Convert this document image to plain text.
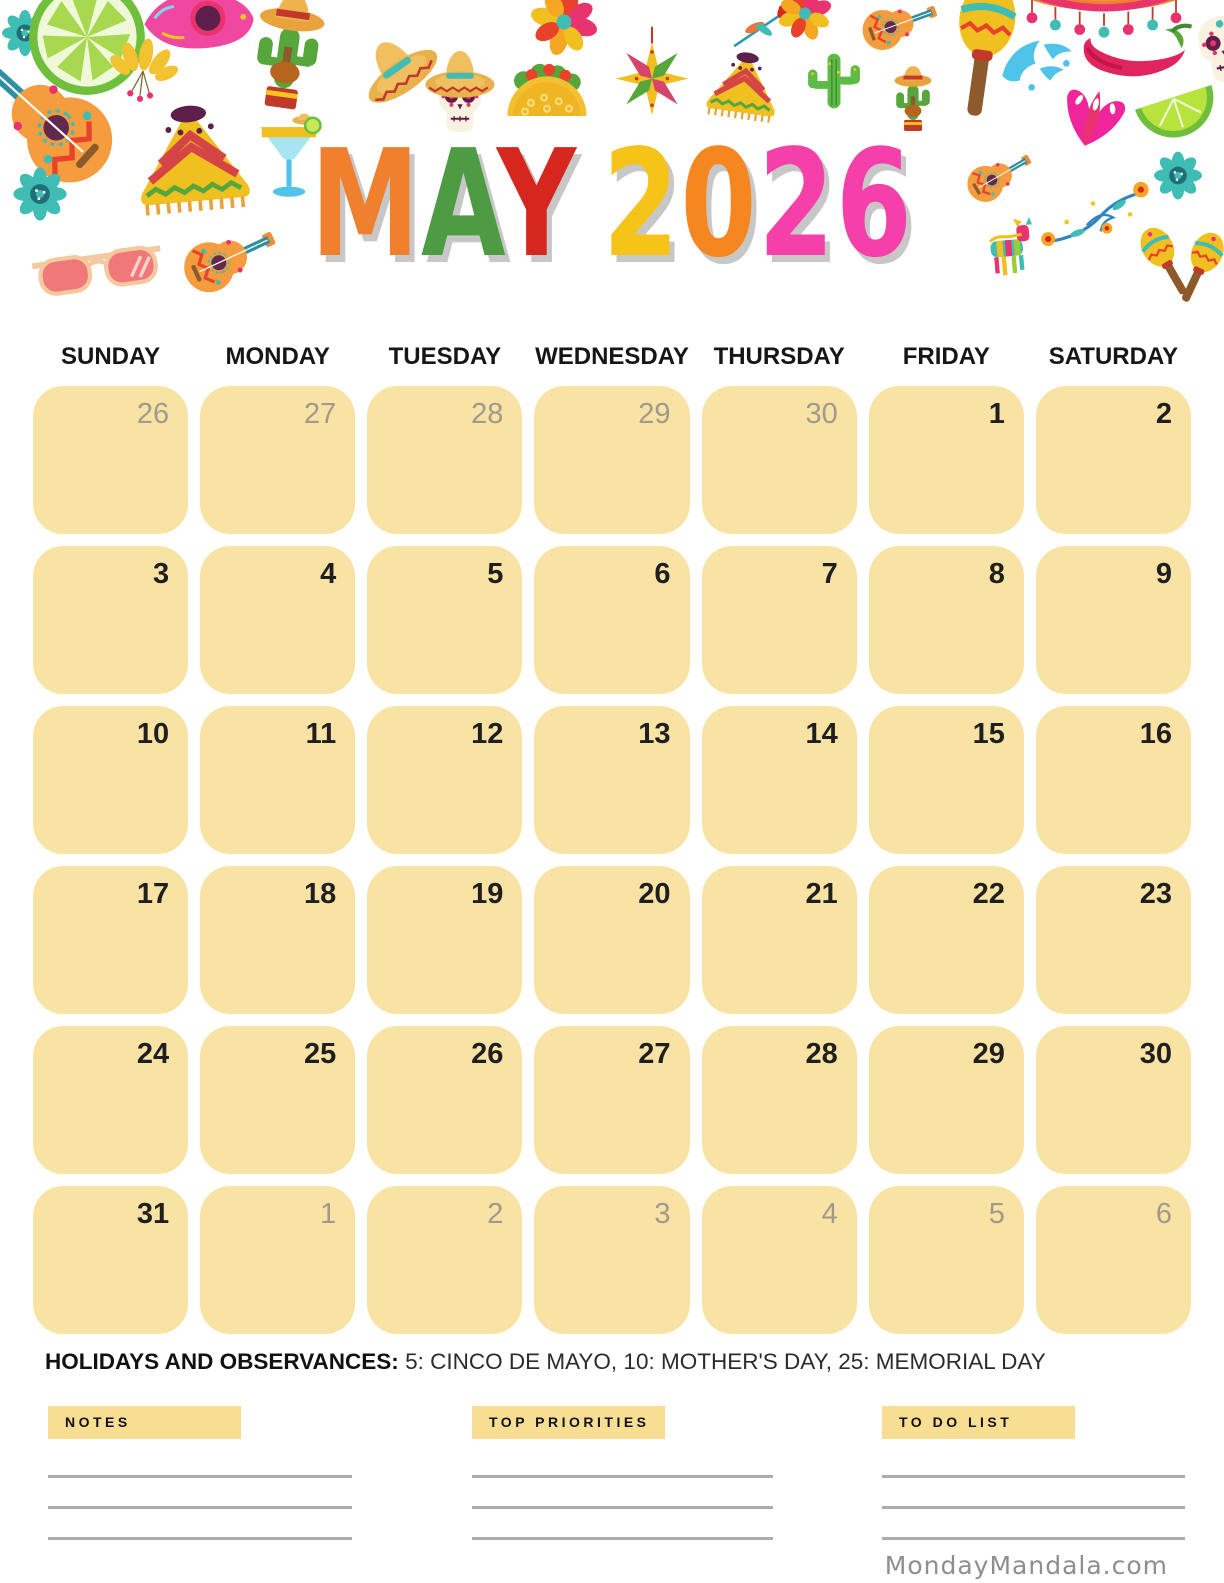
MAY 2026
SUNDAY	MONDAY	TUESDAY	WEDNESDAY	THURSDAY	FRIDAY	SATURDAY
26	27	28	29	30	1	2
3	4	5	6	7	8	9
10	11	12	13	14	15	16
17	18	19	20	21	22	23
24	25	26	27	28	29	30
31	1	2	3	4	5	6
HOLIDAYS AND OBSERVANCES: 5: CINCO DE MAYO, 10: MOTHER'S DAY, 25: MEMORIAL DAY
NOTES	TOP PRIORITIES	TO DO LIST
MondayMandala.com
